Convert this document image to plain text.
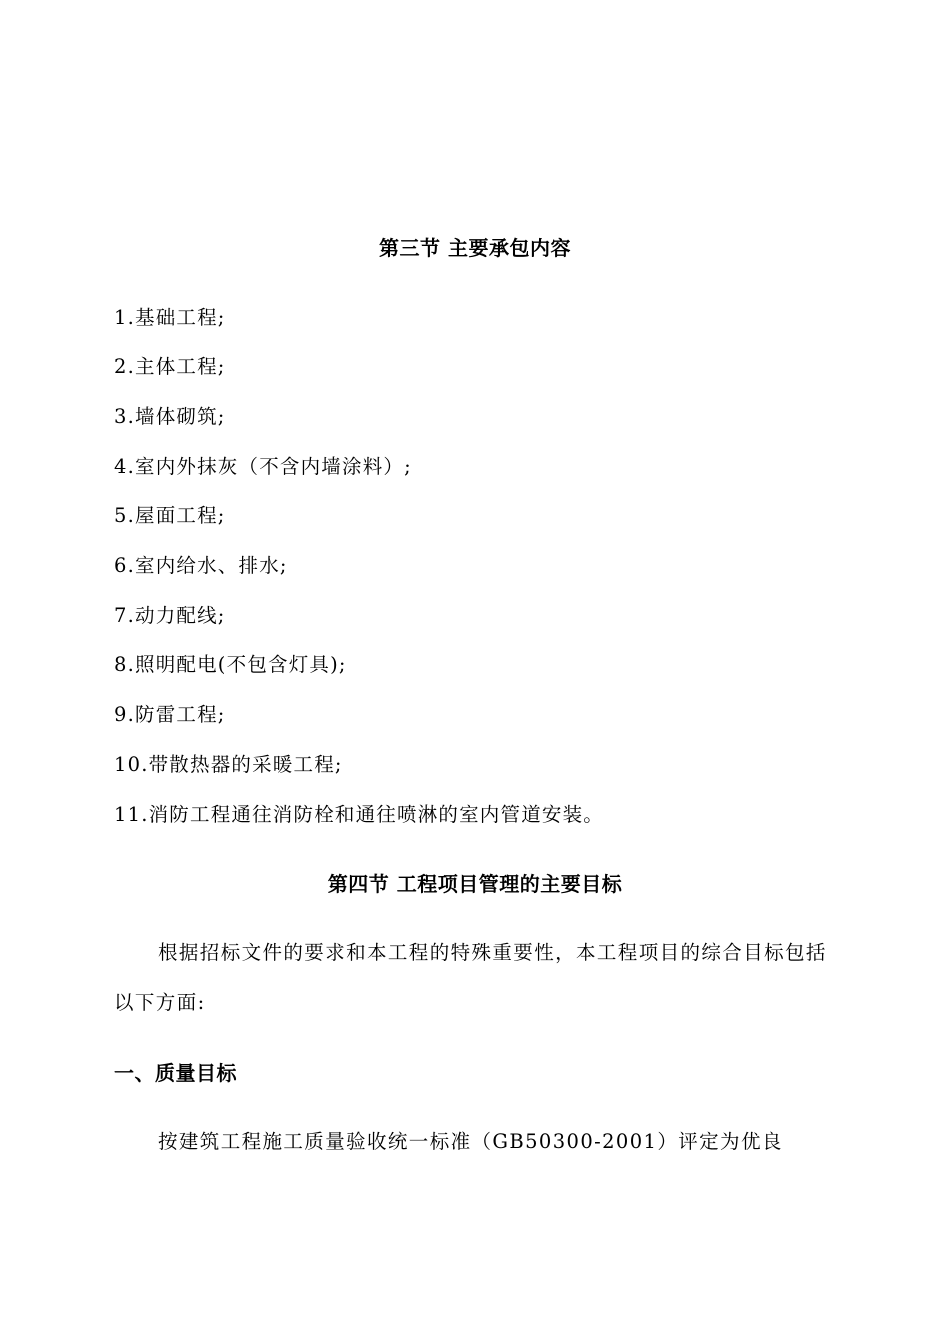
第三节 主要承包内容
1.基础工程;
2.主体工程;
3.墙体砌筑;
4.室内外抹灰（不含内墙涂料）;
5.屋面工程;
6.室内给水、排水;
7.动力配线;
8.照明配电(不包含灯具);
9.防雷工程;
10.带散热器的采暖工程;
11.消防工程通往消防栓和通往喷淋的室内管道安装。
第四节 工程项目管理的主要目标
根据招标文件的要求和本工程的特殊重要性，本工程项目的综合目标包括
以下方面:
一、质量目标
按建筑工程施工质量验收统一标准（GB50300-2001）评定为优良
